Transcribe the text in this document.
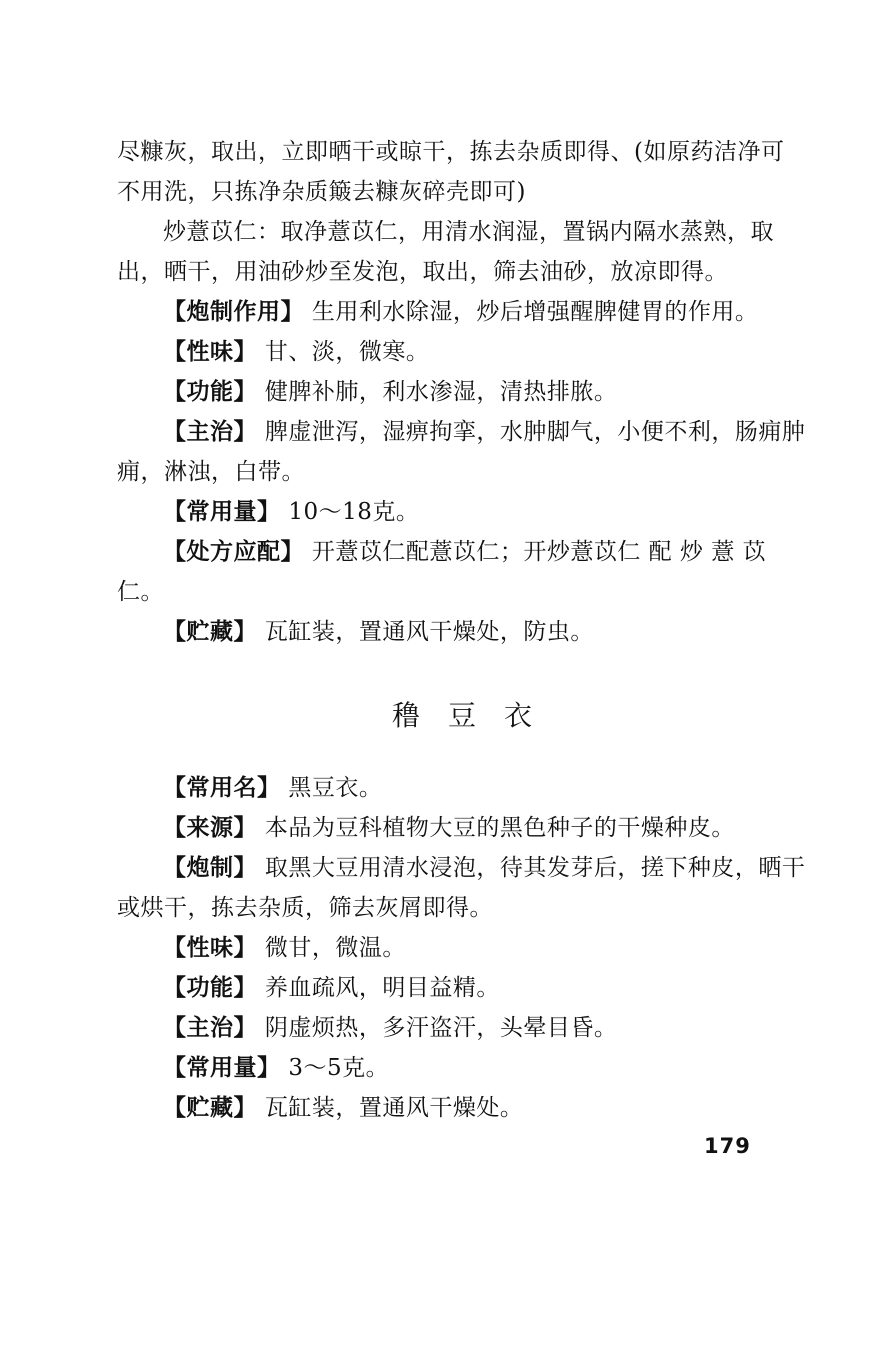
尽糠灰，取出，立即晒干或晾干，拣去杂质即得、(如原药洁净可不用洗，只拣净杂质簸去糠灰碎壳即可)

炒薏苡仁：取净薏苡仁，用清水润湿，置锅内隔水蒸熟，取出，晒干，用油砂炒至发泡，取出，筛去油砂，放凉即得。

【炮制作用】 生用利水除湿，炒后增强醒脾健胃的作用。

【性味】 甘、淡，微寒。

【功能】 健脾补肺，利水渗湿，清热排脓。

【主治】 脾虚泄泻，湿痹拘挛，水肿脚气，小便不利，肠痈肿痈，淋浊，白带。

【常用量】 10～18克。

【处方应配】 开薏苡仁配薏苡仁；开炒薏苡仁 配 炒 薏 苡仁。

【贮藏】 瓦缸装，置通风干燥处，防虫。

穞豆衣

【常用名】 黑豆衣。

【来源】 本品为豆科植物大豆的黑色种子的干燥种皮。

【炮制】 取黑大豆用清水浸泡，待其发芽后，搓下种皮，晒干或烘干，拣去杂质，筛去灰屑即得。

【性味】 微甘，微温。

【功能】 养血疏风，明目益精。

【主治】 阴虚烦热，多汗盗汗，头晕目昏。

【常用量】 3～5克。

【贮藏】 瓦缸装，置通风干燥处。

179
